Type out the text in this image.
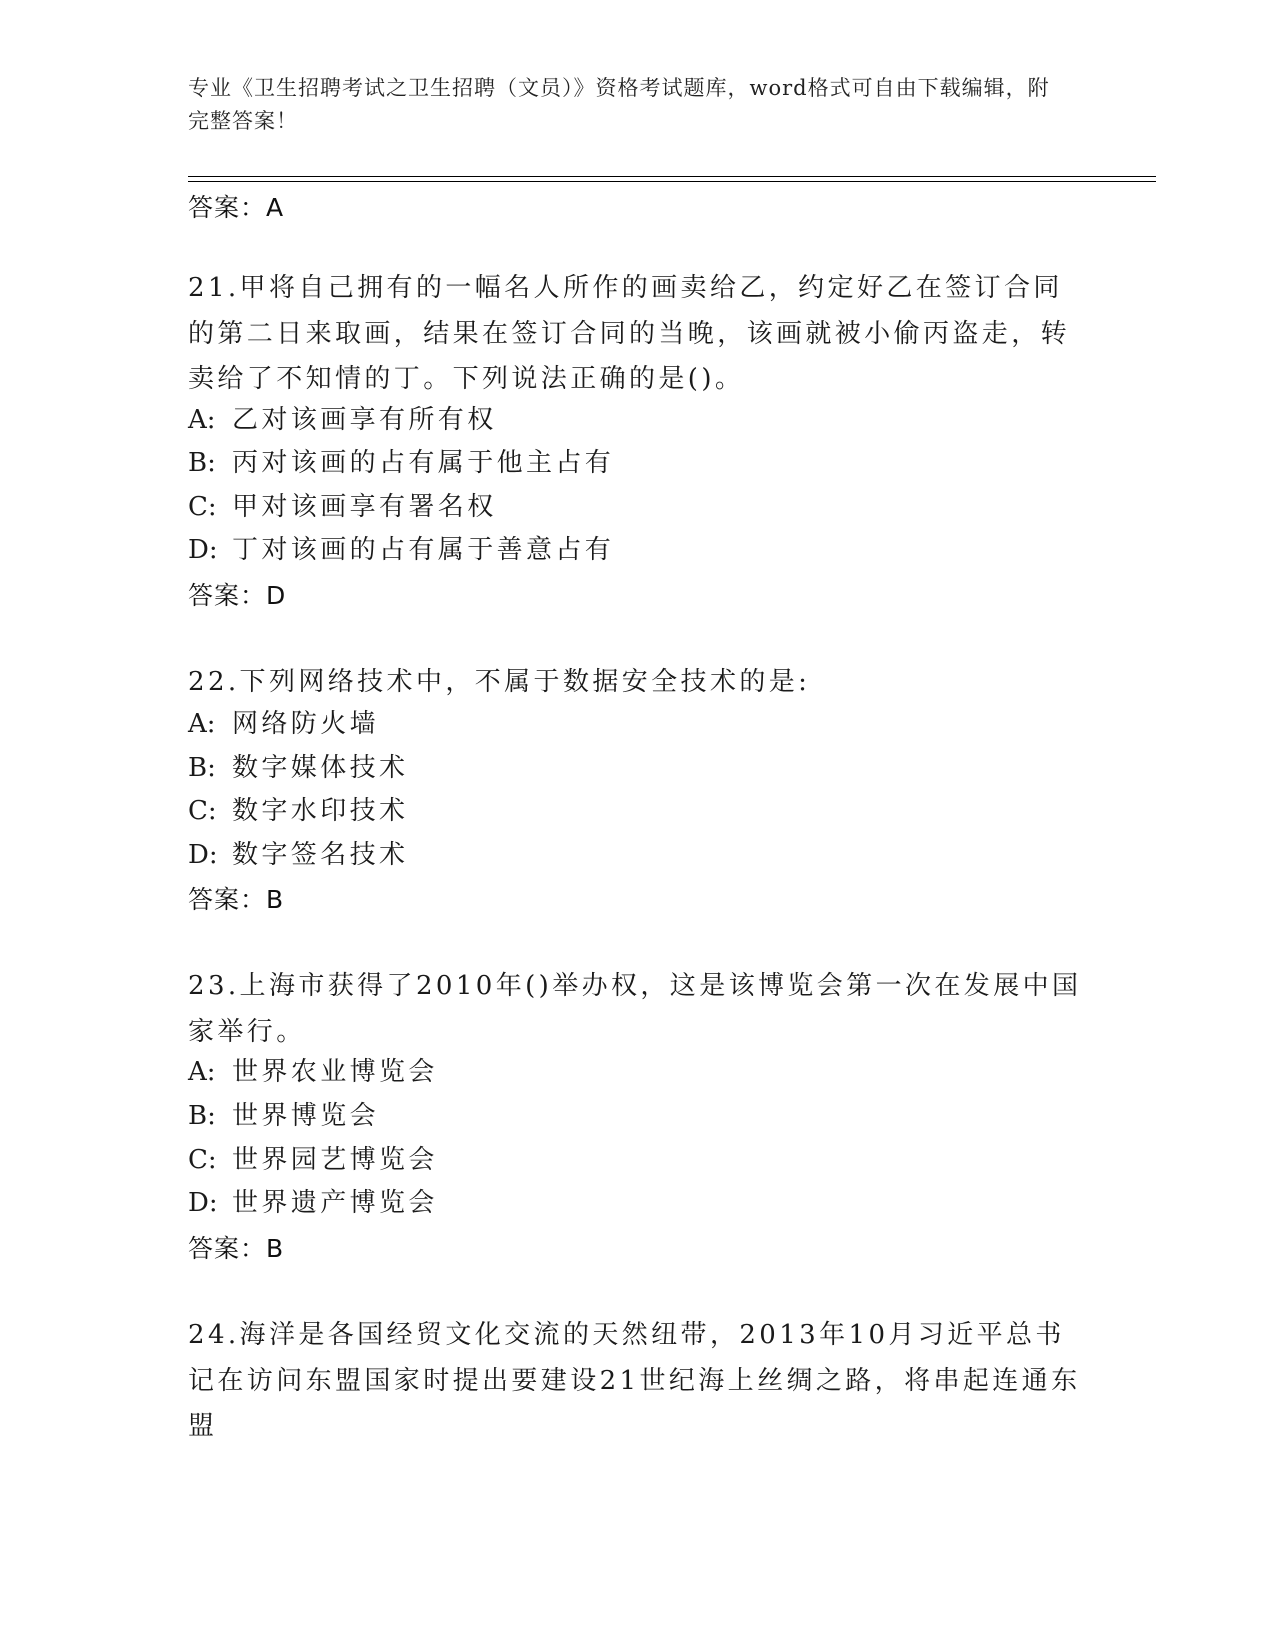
专业《卫生招聘考试之卫生招聘（文员）》资格考试题库，word格式可自由下载编辑，附完整答案！
答案：A
21.甲将自己拥有的一幅名人所作的画卖给乙，约定好乙在签订合同的第二日来取画，结果在签订合同的当晚，该画就被小偷丙盗走，转卖给了不知情的丁。下列说法正确的是()。
A: 乙对该画享有所有权
B: 丙对该画的占有属于他主占有
C: 甲对该画享有署名权
D: 丁对该画的占有属于善意占有
答案：D
22.下列网络技术中，不属于数据安全技术的是:
A: 网络防火墙
B: 数字媒体技术
C: 数字水印技术
D: 数字签名技术
答案：B
23.上海市获得了2010年()举办权，这是该博览会第一次在发展中国家举行。
A: 世界农业博览会
B: 世界博览会
C: 世界园艺博览会
D: 世界遗产博览会
答案：B
24.海洋是各国经贸文化交流的天然纽带，2013年10月习近平总书记在访问东盟国家时提出要建设21世纪海上丝绸之路，将串起连通东盟
